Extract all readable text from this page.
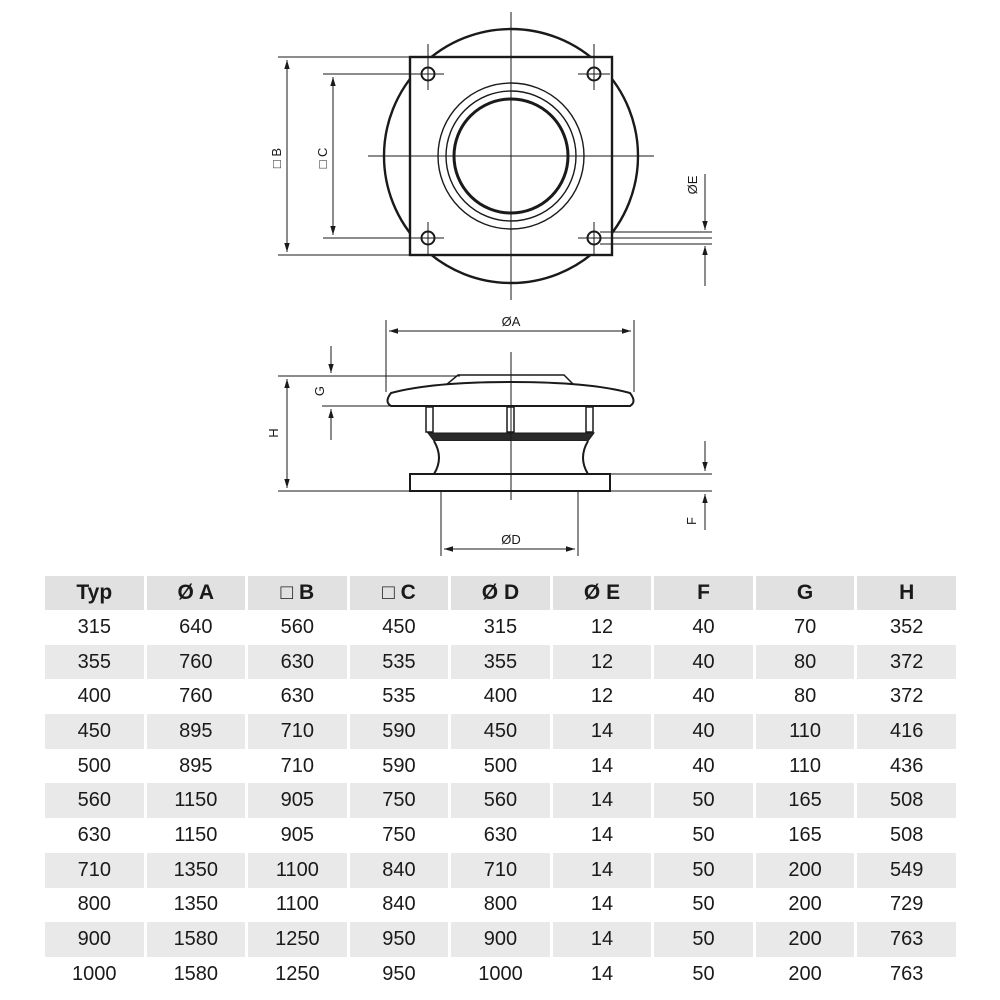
□ B □ C
ØE
ØA
H
G
ØD
F
Typ	Ø A	□ B	□ C	Ø D	Ø E	F	G	H
315	640	560	450	315	12	40	70	352
355	760	630	535	355	12	40	80	372
400	760	630	535	400	12	40	80	372
450	895	710	590	450	14	40	110	416
500	895	710	590	500	14	40	110	436
560	1150	905	750	560	14	50	165	508
630	1150	905	750	630	14	50	165	508
710	1350	1100	840	710	14	50	200	549
800	1350	1100	840	800	14	50	200	729
900	1580	1250	950	900	14	50	200	763
1000	1580	1250	950	1000	14	50	200	763
